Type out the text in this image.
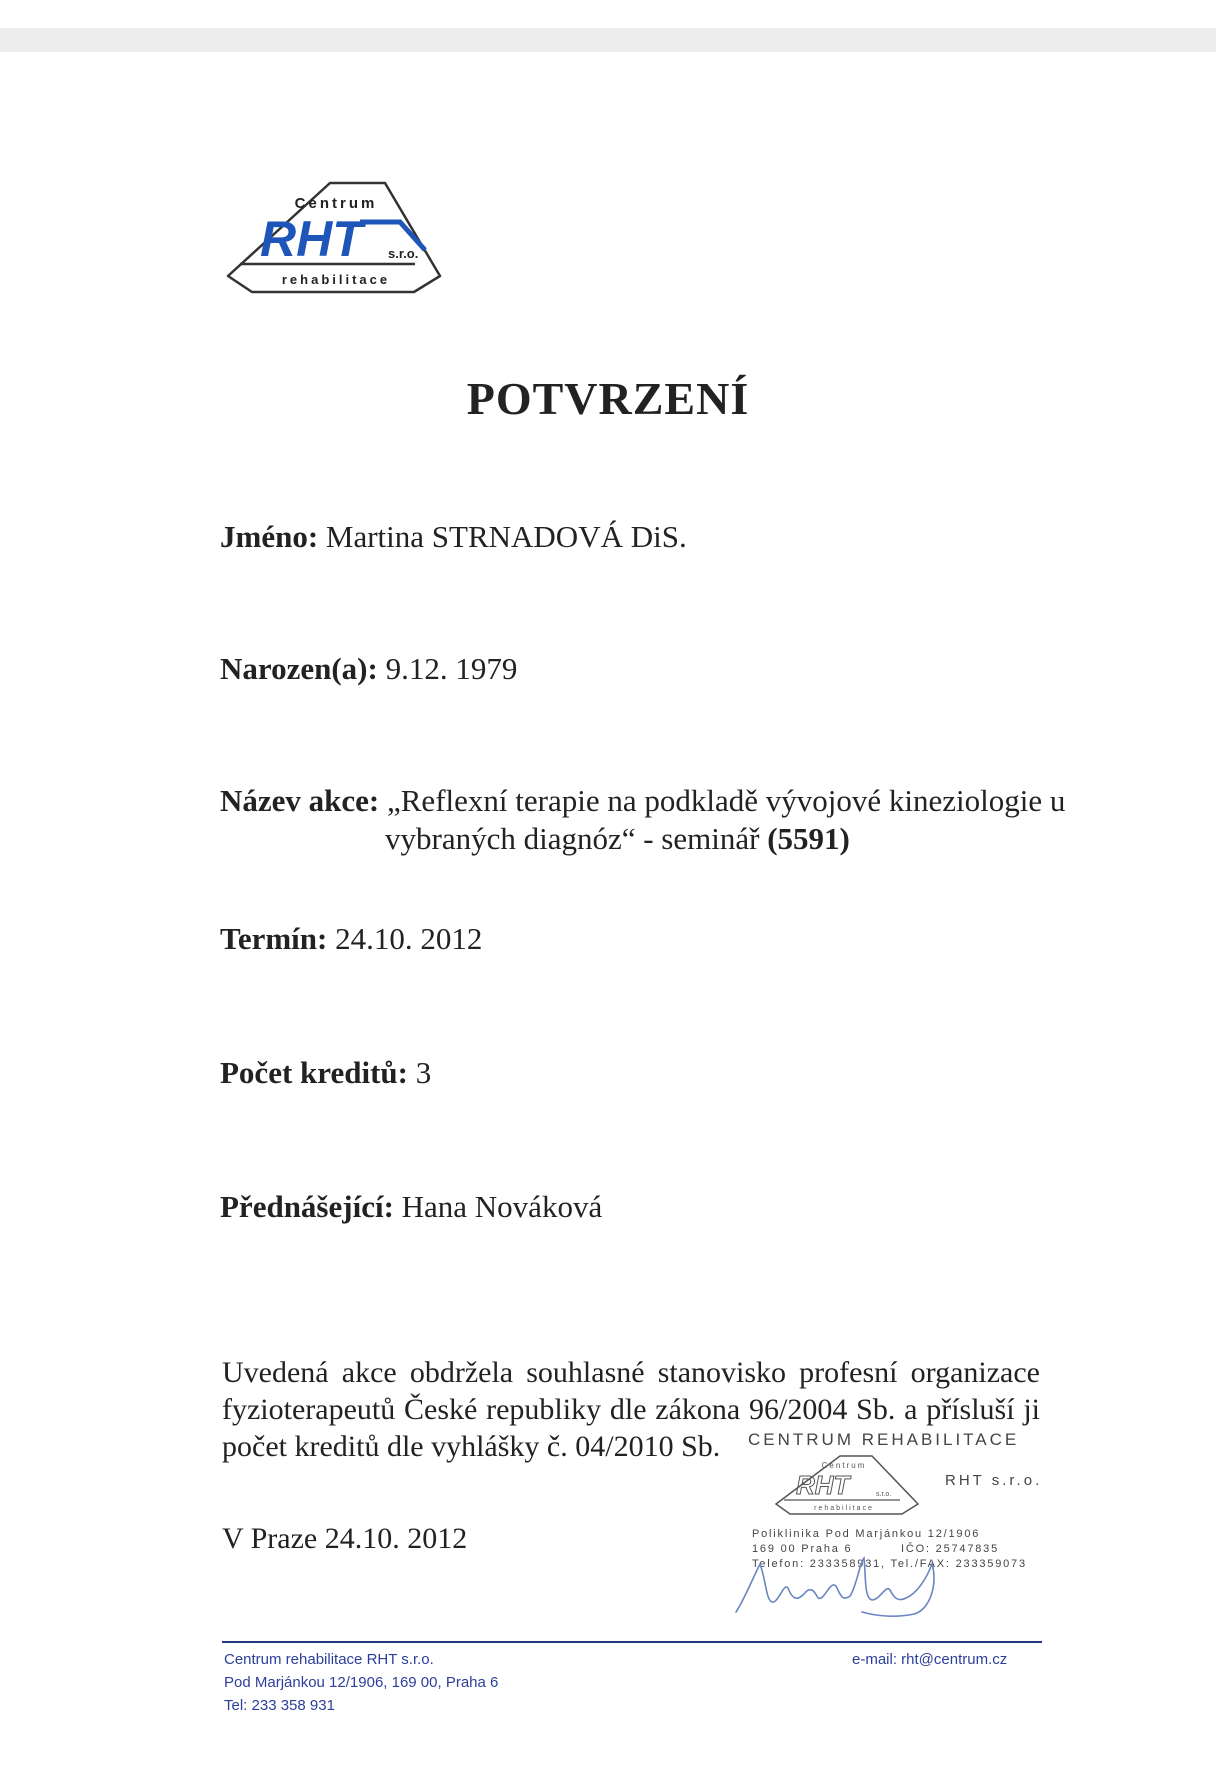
Centrum
RHT	s.r.o.
rehabilitace
POTVRZENÍ
Jméno: Martina STRNADOVÁ DiS.
Narozen(a): 9.12. 1979
Název akce: „Reflexní terapie na podkladě vývojové kineziologie u
vybraných diagnóz“ - seminář (5591)
Termín: 24.10. 2012
Počet kreditů: 3
Přednášející: Hana Nováková
Uvedená akce obdržela souhlasné stanovisko profesní organizace
fyzioterapeutů České republiky dle zákona 96/2004 Sb. a přísluší ji
počet kreditů dle vyhlášky č. 04/2010 Sb.
V Praze 24.10. 2012
CENTRUM REHABILITACE
Centrum
RHT	s.r.o.
rehabilitace
RHT s.r.o.
Poliklinika Pod Marjánkou 12/1906
169 00 Praha 6          IČO: 25747835
Telefon: 233358931, Tel./FAX: 233359073
Centrum rehabilitace RHT s.r.o.
Pod Marjánkou 12/1906, 169 00, Praha 6
Tel: 233 358 931
e-mail: rht@centrum.cz
